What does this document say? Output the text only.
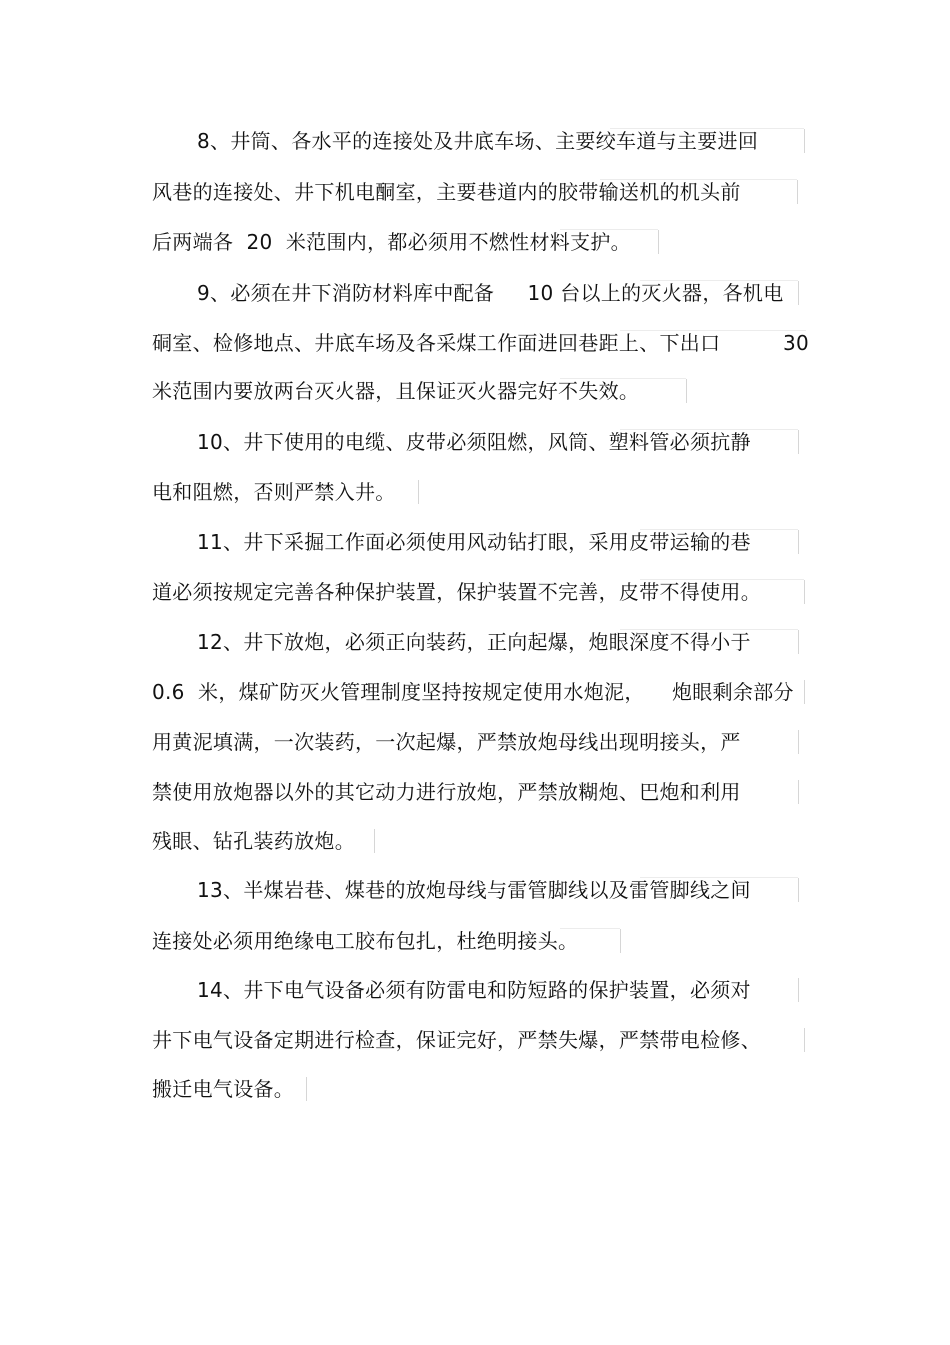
8、井筒、各水平的连接处及井底车场、主要绞车道与主要进回
风巷的连接处、井下机电酮室，主要巷道内的胶带输送机的机头前
后两端各  20  米范围内，都必须用不燃性材料支护。
9、必须在井下消防材料库中配备     10 台以上的灭火器，各机电
硐室、检修地点、井底车场及各采煤工作面进回巷距上、下出口	30
米范围内要放两台灭火器，且保证灭火器完好不失效。
10、井下使用的电缆、皮带必须阻燃，风筒、塑料管必须抗静
电和阻燃，否则严禁入井。
11、井下采掘工作面必须使用风动钻打眼，采用皮带运输的巷
道必须按规定完善各种保护装置，保护装置不完善，皮带不得使用。
12、井下放炮，必须正向装药，正向起爆，炮眼深度不得小于
0.6  米，煤矿防灭火管理制度坚持按规定使用水炮泥， 炮眼剩余部分
用黄泥填满，一次装药，一次起爆，严禁放炮母线出现明接头，严
禁使用放炮器以外的其它动力进行放炮，严禁放糊炮、巴炮和利用
残眼、钻孔装药放炮。
13、半煤岩巷、煤巷的放炮母线与雷管脚线以及雷管脚线之间
连接处必须用绝缘电工胶布包扎，杜绝明接头。
14、井下电气设备必须有防雷电和防短路的保护装置，必须对
井下电气设备定期进行检查，保证完好，严禁失爆，严禁带电检修、
搬迁电气设备。
